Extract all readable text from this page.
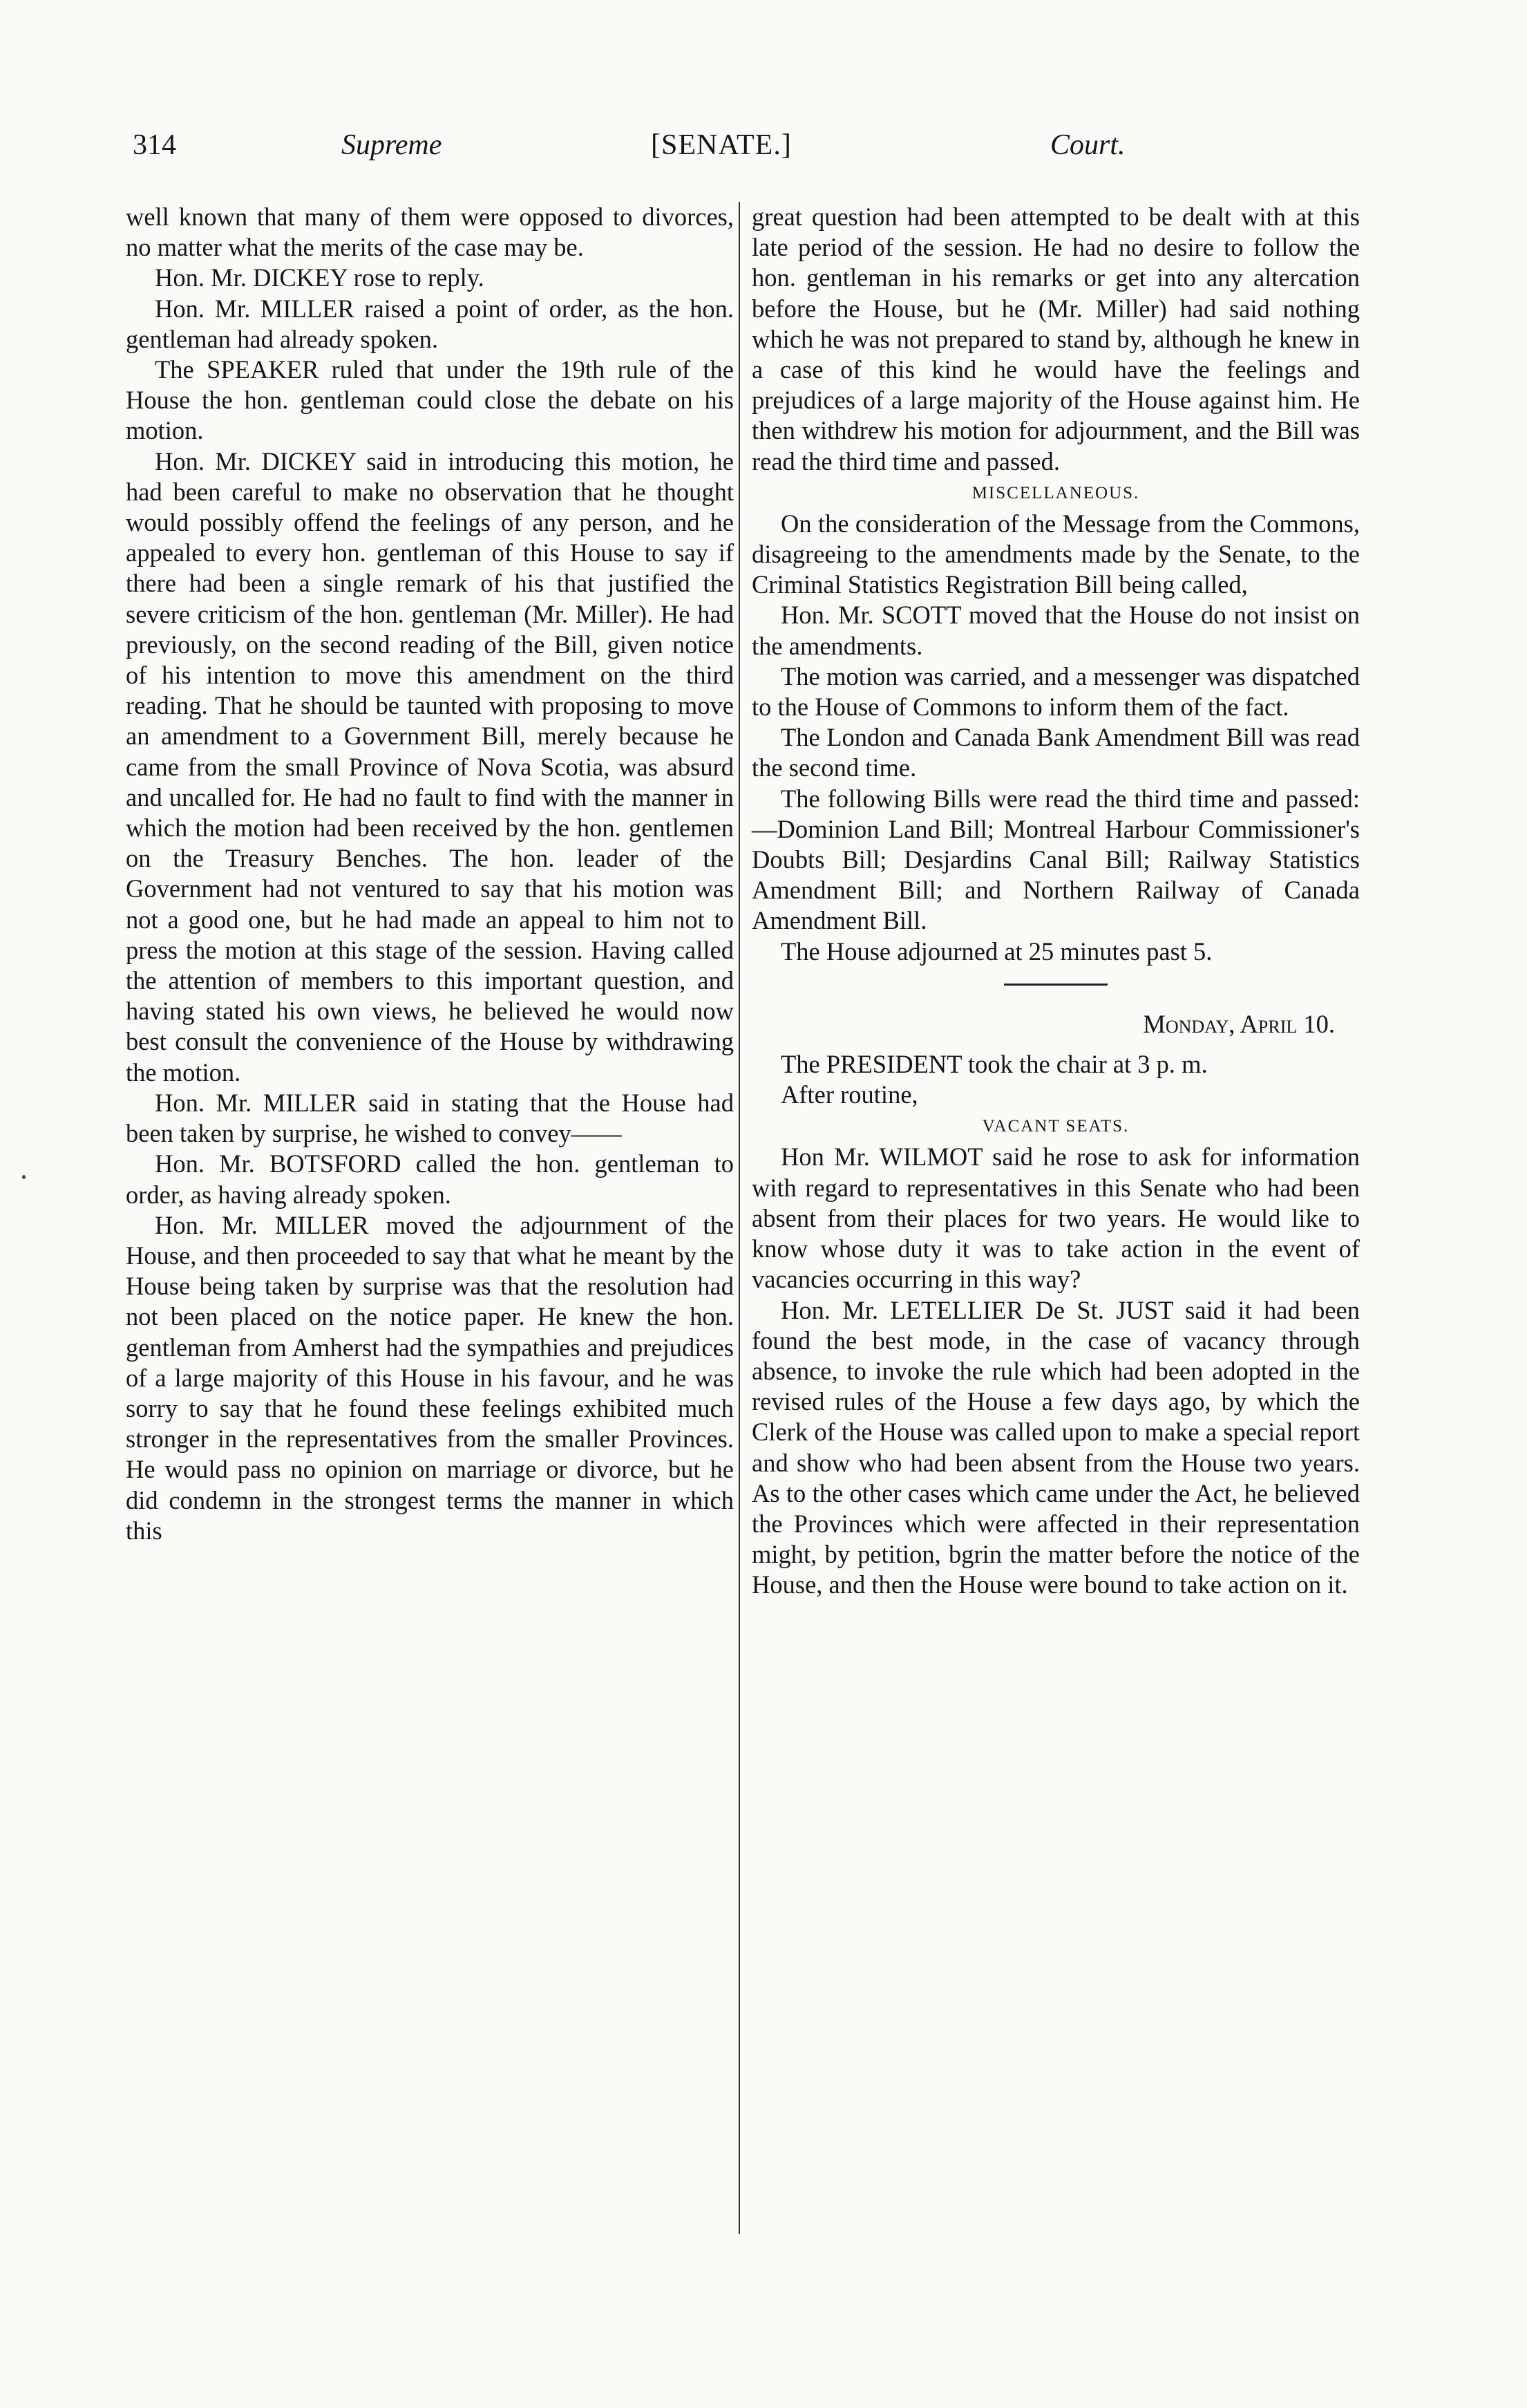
314	Supreme	[SENATE.]	Court.

well known that many of them were opposed to divorces, no matter what the merits of the case may be.

Hon. Mr. DICKEY rose to reply.

Hon. Mr. MILLER raised a point of order, as the hon. gentleman had already spoken.

The SPEAKER ruled that under the 19th rule of the House the hon. gentleman could close the debate on his motion.

Hon. Mr. DICKEY said in introducing this motion, he had been careful to make no observation that he thought would possibly offend the feelings of any person, and he appealed to every hon. gentleman of this House to say if there had been a single remark of his that justified the severe criticism of the hon. gentleman (Mr. Miller). He had previously, on the second reading of the Bill, given notice of his intention to move this amendment on the third reading. That he should be taunted with proposing to move an amendment to a Government Bill, merely because he came from the small Province of Nova Scotia, was absurd and uncalled for. He had no fault to find with the manner in which the motion had been received by the hon. gentlemen on the Treasury Benches. The hon. leader of the Government had not ventured to say that his motion was not a good one, but he had made an appeal to him not to press the motion at this stage of the session. Having called the attention of members to this important question, and having stated his own views, he believed he would now best consult the convenience of the House by withdrawing the motion.

Hon. Mr. MILLER said in stating that the House had been taken by surprise, he wished to convey——

Hon. Mr. BOTSFORD called the hon. gentleman to order, as having already spoken.

Hon. Mr. MILLER moved the adjournment of the House, and then proceeded to say that what he meant by the House being taken by surprise was that the resolution had not been placed on the notice paper. He knew the hon. gentleman from Amherst had the sympathies and prejudices of a large majority of this House in his favour, and he was sorry to say that he found these feelings exhibited much stronger in the representatives from the smaller Provinces. He would pass no opinion on marriage or divorce, but he did condemn in the strongest terms the manner in which this

great question had been attempted to be dealt with at this late period of the session. He had no desire to follow the hon. gentleman in his remarks or get into any altercation before the House, but he (Mr. Miller) had said nothing which he was not prepared to stand by, although he knew in a case of this kind he would have the feelings and prejudices of a large majority of the House against him. He then withdrew his motion for adjournment, and the Bill was read the third time and passed.

MISCELLANEOUS.

On the consideration of the Message from the Commons, disagreeing to the amendments made by the Senate, to the Criminal Statistics Registration Bill being called,

Hon. Mr. SCOTT moved that the House do not insist on the amendments.

The motion was carried, and a messenger was dispatched to the House of Commons to inform them of the fact.

The London and Canada Bank Amendment Bill was read the second time.

The following Bills were read the third time and passed:—Dominion Land Bill; Montreal Harbour Commissioner's Doubts Bill; Desjardins Canal Bill; Railway Statistics Amendment Bill; and Northern Railway of Canada Amendment Bill.

The House adjourned at 25 minutes past 5.

Monday, April 10.

The PRESIDENT took the chair at 3 p. m.

After routine,

VACANT SEATS.

Hon Mr. WILMOT said he rose to ask for information with regard to representatives in this Senate who had been absent from their places for two years. He would like to know whose duty it was to take action in the event of vacancies occurring in this way?

Hon. Mr. LETELLIER De St. JUST said it had been found the best mode, in the case of vacancy through absence, to invoke the rule which had been adopted in the revised rules of the House a few days ago, by which the Clerk of the House was called upon to make a special report and show who had been absent from the House two years. As to the other cases which came under the Act, he believed the Provinces which were affected in their representation might, by petition, bgrin the matter before the notice of the House, and then the House were bound to take action on it.
